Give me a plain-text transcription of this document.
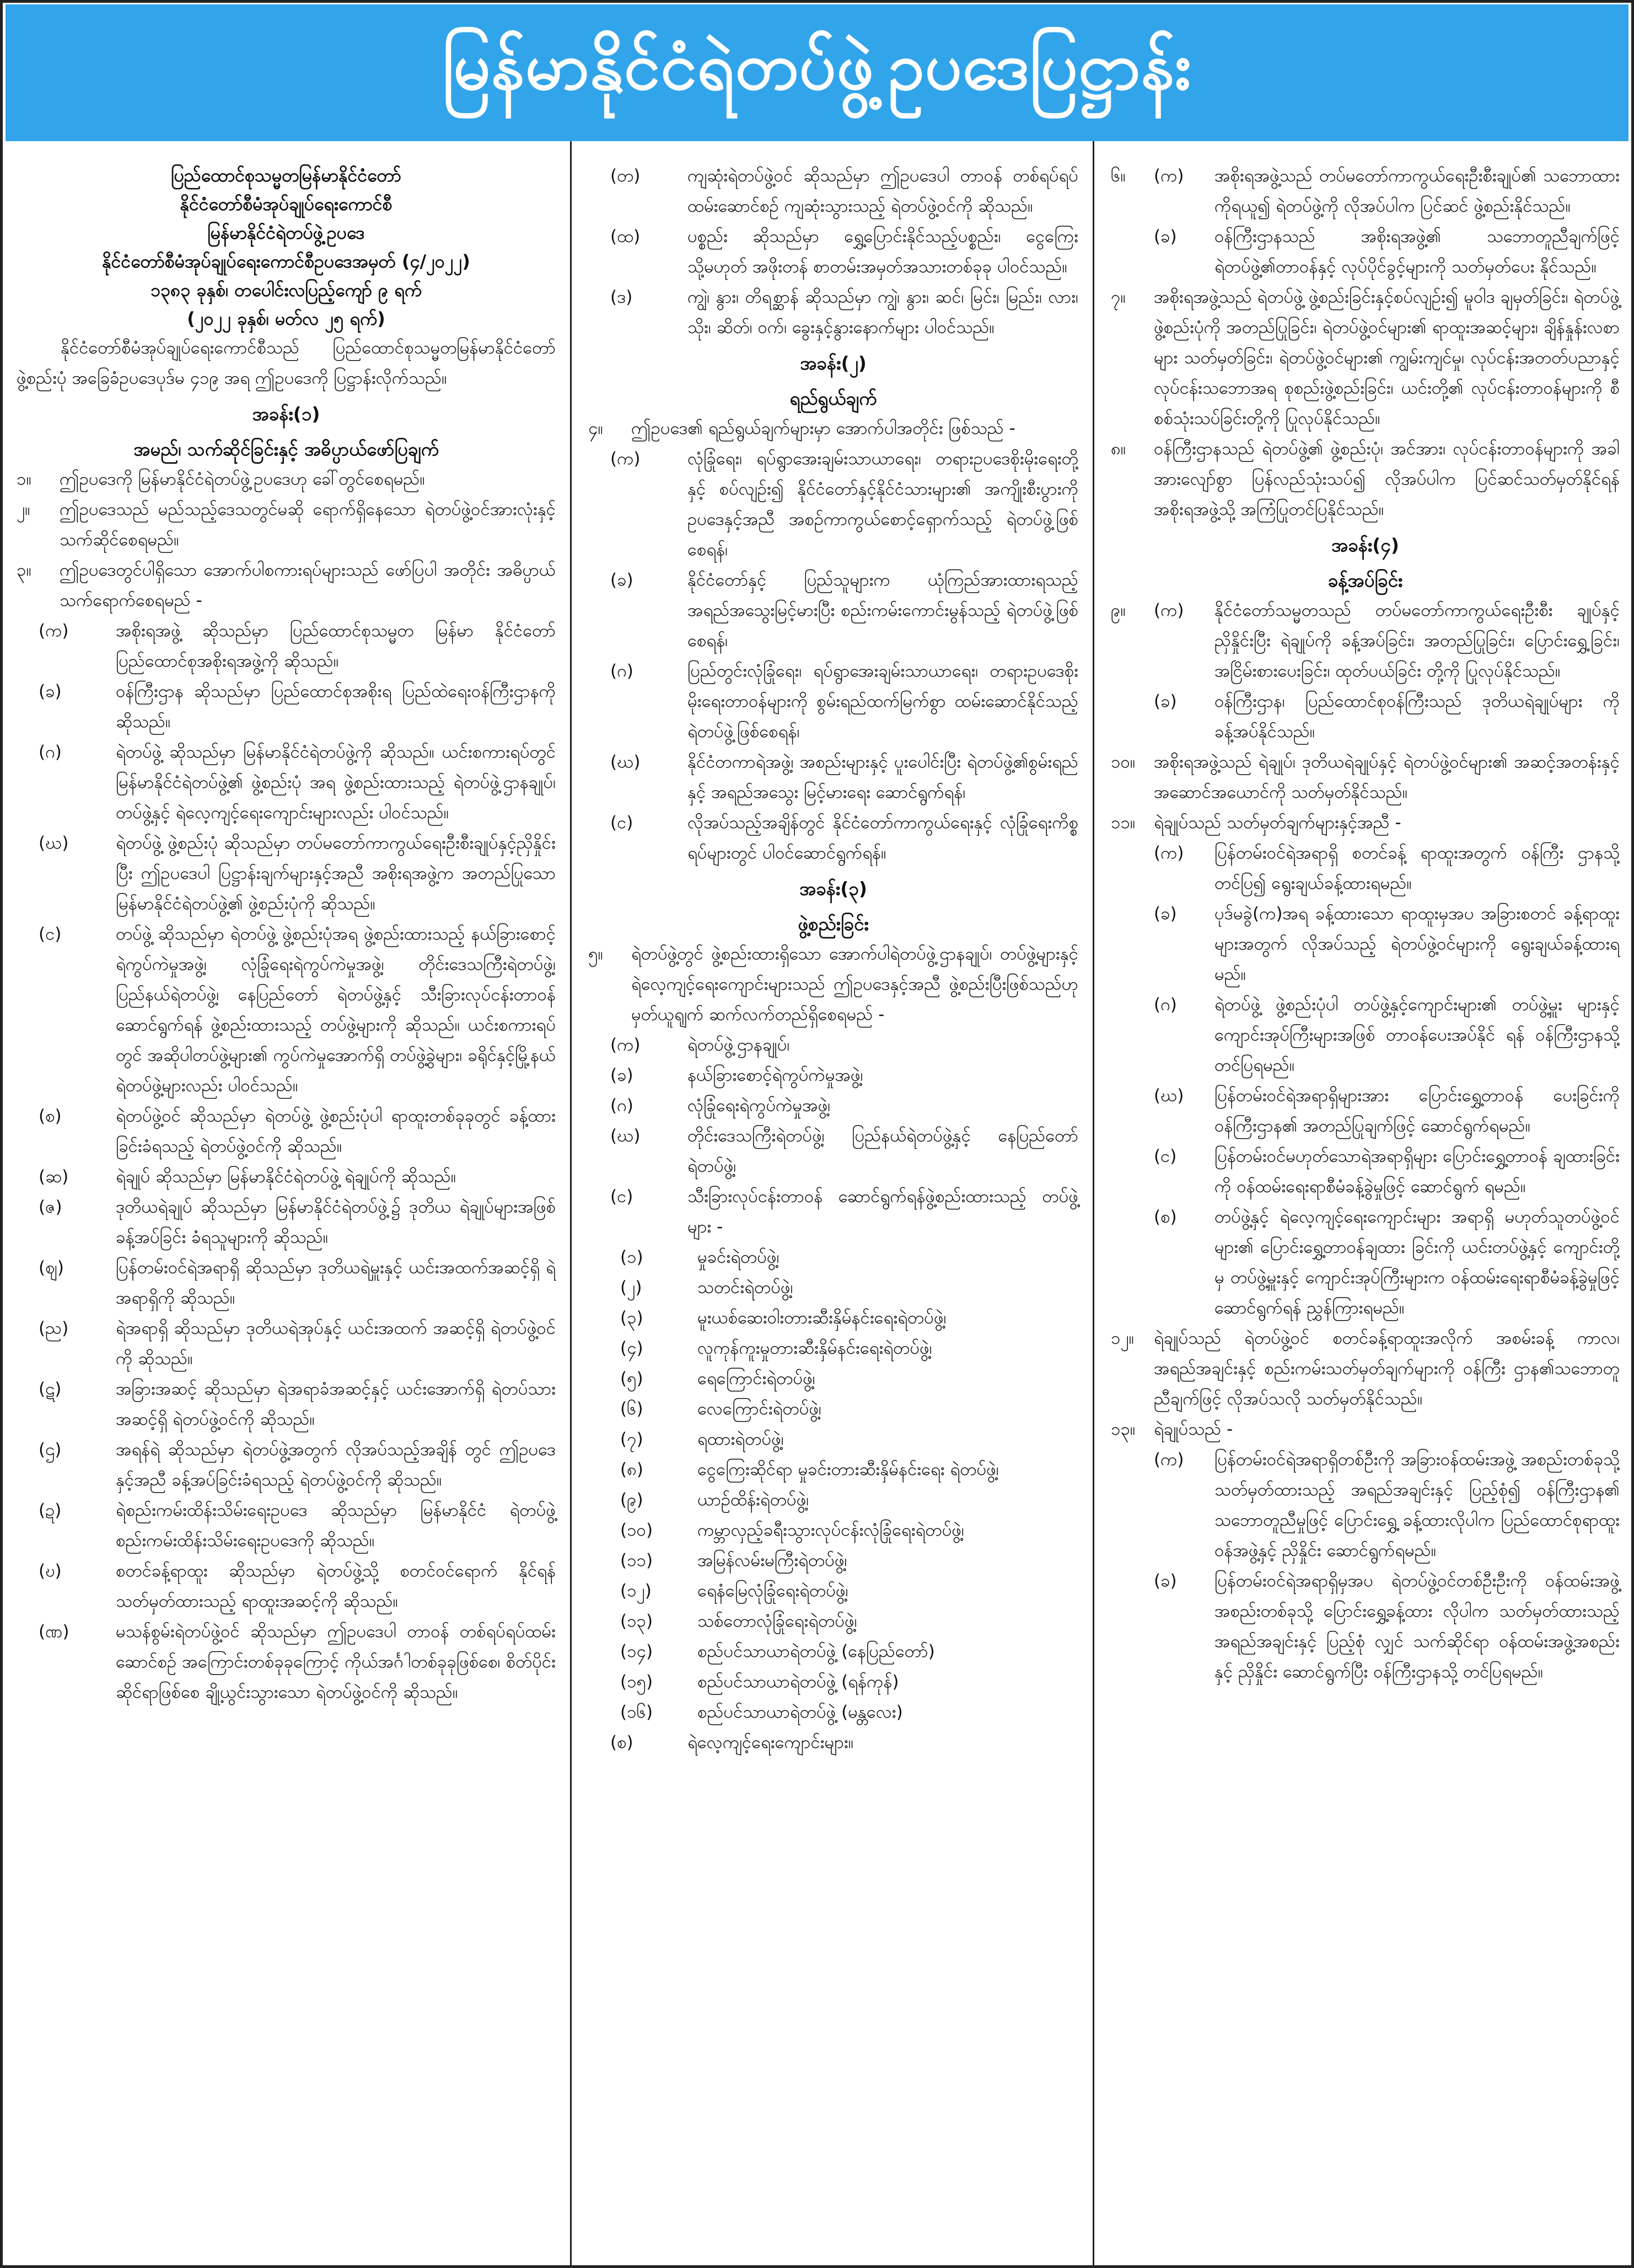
မြန်မာနိုင်ငံရဲတပ်ဖွဲ့ဥပဒေပြဋ္ဌာန်း
ပြည်ထောင်စုသမ္မတမြန်မာနိုင်ငံတော်
နိုင်ငံတော်စီမံအုပ်ချုပ်ရေးကောင်စီ
မြန်မာနိုင်ငံရဲတပ်ဖွဲ့ဥပဒေ
နိုင်ငံတော်စီမံအုပ်ချုပ်ရေးကောင်စီဥပဒေအမှတ် (၄/၂၀၂၂)
၁၃၈၃ ခုနှစ်၊ တပေါင်းလပြည့်ကျော် ၉ ရက်
(၂၀၂၂ ခုနှစ်၊ မတ်လ ၂၅ ရက်)

နိုင်ငံတော်စီမံအုပ်ချုပ်ရေးကောင်စီသည် ပြည်ထောင်စုသမ္မတမြန်မာနိုင်ငံတော် ဖွဲ့စည်းပုံ အခြေခံဥပဒေပုဒ်မ ၄၁၉ အရ ဤဥပဒေကို ပြဋ္ဌာန်းလိုက်သည်။

အခန်း(၁)
အမည်၊ သက်ဆိုင်ခြင်းနှင့် အဓိပ္ပာယ်ဖော်ပြချက်
၁။	ဤဥပဒေကို မြန်မာနိုင်ငံရဲတပ်ဖွဲ့ဥပဒေဟု ခေါ်တွင်စေရမည်။
၂။	ဤဥပဒေသည် မည်သည့်ဒေသတွင်မဆို ရောက်ရှိနေသော ရဲတပ်ဖွဲ့ဝင်အားလုံးနှင့် သက်ဆိုင်စေရမည်။
၃။	ဤဥပဒေတွင်ပါရှိသော အောက်ပါစကားရပ်များသည် ဖော်ပြပါ အတိုင်း အဓိပ္ပာယ်သက်ရောက်စေရမည် -
(က)	အစိုးရအဖွဲ့ ဆိုသည်မှာ ပြည်ထောင်စုသမ္မတ မြန်မာ နိုင်ငံတော် ပြည်ထောင်စုအစိုးရအဖွဲ့ကို ဆိုသည်။
(ခ)	ဝန်ကြီးဌာန ဆိုသည်မှာ ပြည်ထောင်စုအစိုးရ ပြည်ထဲရေးဝန်ကြီးဌာနကို ဆိုသည်။
(ဂ)	ရဲတပ်ဖွဲ့ ဆိုသည်မှာ မြန်မာနိုင်ငံရဲတပ်ဖွဲ့ကို ဆိုသည်။ ယင်းစကားရပ်တွင် မြန်မာနိုင်ငံရဲတပ်ဖွဲ့၏ ဖွဲ့စည်းပုံ အရ ဖွဲ့စည်းထားသည့် ရဲတပ်ဖွဲ့ဌာနချုပ်၊ တပ်ဖွဲ့နှင့် ရဲလေ့ကျင့်ရေးကျောင်းများလည်း ပါဝင်သည်။
(ဃ)	ရဲတပ်ဖွဲ့ ဖွဲ့စည်းပုံ ဆိုသည်မှာ တပ်မတော်ကာကွယ်ရေးဦးစီးချုပ်နှင့်ညှိနှိုင်းပြီး ဤဥပဒေပါ ပြဋ္ဌာန်းချက်များနှင့်အညီ အစိုးရအဖွဲ့က အတည်ပြုသော မြန်မာနိုင်ငံရဲတပ်ဖွဲ့၏ ဖွဲ့စည်းပုံကို ဆိုသည်။
(င)	တပ်ဖွဲ့ ဆိုသည်မှာ ရဲတပ်ဖွဲ့ ဖွဲ့စည်းပုံအရ ဖွဲ့စည်းထားသည့် နယ်ခြားစောင့်ရဲကွပ်ကဲမှုအဖွဲ့၊ လုံခြုံရေးရဲကွပ်ကဲမှုအဖွဲ့၊ တိုင်းဒေသကြီးရဲတပ်ဖွဲ့၊ ပြည်နယ်ရဲတပ်ဖွဲ့၊ နေပြည်တော် ရဲတပ်ဖွဲ့နှင့် သီးခြားလုပ်ငန်းတာဝန် ဆောင်ရွက်ရန် ဖွဲ့စည်းထားသည့် တပ်ဖွဲ့များကို ဆိုသည်။ ယင်းစကားရပ်တွင် အဆိုပါတပ်ဖွဲ့များ၏ ကွပ်ကဲမှုအောက်ရှိ တပ်ဖွဲ့ခွဲများ၊ ခရိုင်နှင့်မြို့နယ် ရဲတပ်ဖွဲ့များလည်း ပါဝင်သည်။
(စ)	ရဲတပ်ဖွဲ့ဝင် ဆိုသည်မှာ ရဲတပ်ဖွဲ့ ဖွဲ့စည်းပုံပါ ရာထူးတစ်ခုခုတွင် ခန့်ထားခြင်းခံရသည့် ရဲတပ်ဖွဲ့ဝင်ကို ဆိုသည်။
(ဆ)	ရဲချုပ် ဆိုသည်မှာ မြန်မာနိုင်ငံရဲတပ်ဖွဲ့ ရဲချုပ်ကို ဆိုသည်။
(ဇ)	ဒုတိယရဲချုပ် ဆိုသည်မှာ မြန်မာနိုင်ငံရဲတပ်ဖွဲ့၌ ဒုတိယ ရဲချုပ်များအဖြစ် ခန့်အပ်ခြင်း ခံရသူများကို ဆိုသည်။
(ဈ)	ပြန်တမ်းဝင်ရဲအရာရှိ ဆိုသည်မှာ ဒုတိယရဲမှူးနှင့် ယင်းအထက်အဆင့်ရှိ ရဲအရာရှိကို ဆိုသည်။
(ည)	ရဲအရာရှိ ဆိုသည်မှာ ဒုတိယရဲအုပ်နှင့် ယင်းအထက် အဆင့်ရှိ ရဲတပ်ဖွဲ့ဝင်ကို ဆိုသည်။
(ဋ)	အခြားအဆင့် ဆိုသည်မှာ ရဲအရာခံအဆင့်နှင့် ယင်းအောက်ရှိ ရဲတပ်သားအဆင့်ရှိ ရဲတပ်ဖွဲ့ဝင်ကို ဆိုသည်။
(ဌ)	အရန်ရဲ ဆိုသည်မှာ ရဲတပ်ဖွဲ့အတွက် လိုအပ်သည့်အချိန် တွင် ဤဥပဒေနှင့်အညီ ခန့်အပ်ခြင်းခံရသည့် ရဲတပ်ဖွဲ့ဝင်ကို ဆိုသည်။
(ဍ)	ရဲစည်းကမ်းထိန်းသိမ်းရေးဥပဒေ ဆိုသည်မှာ မြန်မာနိုင်ငံ ရဲတပ်ဖွဲ့စည်းကမ်းထိန်းသိမ်းရေးဥပဒေကို ဆိုသည်။
(ဎ)	စတင်ခန့်ရာထူး ဆိုသည်မှာ ရဲတပ်ဖွဲ့သို့ စတင်ဝင်ရောက် နိုင်ရန် သတ်မှတ်ထားသည့် ရာထူးအဆင့်ကို ဆိုသည်။
(ဏ)	မသန်စွမ်းရဲတပ်ဖွဲ့ဝင် ဆိုသည်မှာ ဤဥပဒေပါ တာဝန် တစ်ရပ်ရပ်ထမ်းဆောင်စဉ် အကြောင်းတစ်ခုခုကြောင့် ကိုယ်အင်္ဂါတစ်ခုခုဖြစ်စေ၊ စိတ်ပိုင်းဆိုင်ရာဖြစ်စေ ချို့ယွင်းသွားသော ရဲတပ်ဖွဲ့ဝင်ကို ဆိုသည်။
(တ)	ကျဆုံးရဲတပ်ဖွဲ့ဝင် ဆိုသည်မှာ ဤဥပဒေပါ တာဝန် တစ်ရပ်ရပ်ထမ်းဆောင်စဉ် ကျဆုံးသွားသည့် ရဲတပ်ဖွဲ့ဝင်ကို ဆိုသည်။
(ထ)	ပစ္စည်း ဆိုသည်မှာ ရွှေ့ပြောင်းနိုင်သည့်ပစ္စည်း၊ ငွေကြေး သို့မဟုတ် အဖိုးတန် စာတမ်းအမှတ်အသားတစ်ခုခု ပါဝင်သည်။
(ဒ)	ကျွဲ၊ နွား၊ တိရစ္ဆာန် ဆိုသည်မှာ ကျွဲ၊ နွား၊ ဆင်၊ မြင်း၊ မြည်း၊ လား၊ သိုး၊ ဆိတ်၊ ဝက်၊ ခွေးနှင့်နွားနောက်များ ပါဝင်သည်။
အခန်း(၂)
ရည်ရွယ်ချက်
၄။	ဤဥပဒေ၏ ရည်ရွယ်ချက်များမှာ အောက်ပါအတိုင်း ဖြစ်သည် -
(က)	လုံခြုံရေး၊ ရပ်ရွာအေးချမ်းသာယာရေး၊ တရားဥပဒေစိုးမိုးရေးတို့နှင့် စပ်လျဉ်း၍ နိုင်ငံတော်နှင့်နိုင်ငံသားများ၏ အကျိုးစီးပွားကို ဥပဒေနှင့်အညီ အစဉ်ကာကွယ်စောင့်ရှောက်သည့် ရဲတပ်ဖွဲ့ဖြစ်စေရန်၊
(ခ)	နိုင်ငံတော်နှင့် ပြည်သူများက ယုံကြည်အားထားရသည့် အရည်အသွေးမြင့်မားပြီး စည်းကမ်းကောင်းမွန်သည့် ရဲတပ်ဖွဲ့ဖြစ်စေရန်၊
(ဂ)	ပြည်တွင်းလုံခြုံရေး၊ ရပ်ရွာအေးချမ်းသာယာရေး၊ တရားဥပဒေစိုးမိုးရေးတာဝန်များကို စွမ်းရည်ထက်မြက်စွာ ထမ်းဆောင်နိုင်သည့် ရဲတပ်ဖွဲ့ဖြစ်စေရန်၊
(ဃ)	နိုင်ငံတကာရဲအဖွဲ့၊ အစည်းများနှင့် ပူးပေါင်းပြီး ရဲတပ်ဖွဲ့၏စွမ်းရည်နှင့် အရည်အသွေး မြင့်မားရေး ဆောင်ရွက်ရန်၊
(င)	လိုအပ်သည့်အချိန်တွင် နိုင်ငံတော်ကာကွယ်ရေးနှင့် လုံခြုံရေးကိစ္စရပ်များတွင် ပါဝင်ဆောင်ရွက်ရန်။
အခန်း(၃)
ဖွဲ့စည်းခြင်း
၅။	ရဲတပ်ဖွဲ့တွင် ဖွဲ့စည်းထားရှိသော အောက်ပါရဲတပ်ဖွဲ့ဌာနချုပ်၊ တပ်ဖွဲ့များနှင့် ရဲလေ့ကျင့်ရေးကျောင်းများသည် ဤဥပဒေနှင့်အညီ ဖွဲ့စည်းပြီးဖြစ်သည်ဟု မှတ်ယူရျက် ဆက်လက်တည်ရှိစေရမည် -
(က)	ရဲတပ်ဖွဲ့ဌာနချုပ်၊
(ခ)	နယ်ခြားစောင့်ရဲကွပ်ကဲမှုအဖွဲ့၊
(ဂ)	လုံခြုံရေးရဲကွပ်ကဲမှုအဖွဲ့၊
(ဃ)	တိုင်းဒေသကြီးရဲတပ်ဖွဲ့၊ ပြည်နယ်ရဲတပ်ဖွဲ့နှင့် နေပြည်တော်ရဲတပ်ဖွဲ့၊
(င)	သီးခြားလုပ်ငန်းတာဝန် ဆောင်ရွက်ရန်ဖွဲ့စည်းထားသည့် တပ်ဖွဲ့များ -
(၁)	မှုခင်းရဲတပ်ဖွဲ့၊
(၂)	သတင်းရဲတပ်ဖွဲ့၊
(၃)	မူးယစ်ဆေးဝါးတားဆီးနှိမ်နင်းရေးရဲတပ်ဖွဲ့၊
(၄)	လူကုန်ကူးမှုတားဆီးနှိမ်နင်းရေးရဲတပ်ဖွဲ့၊
(၅)	ရေကြောင်းရဲတပ်ဖွဲ့၊
(၆)	လေကြောင်းရဲတပ်ဖွဲ့၊
(၇)	ရထားရဲတပ်ဖွဲ့၊
(၈)	ငွေကြေးဆိုင်ရာ မှုခင်းတားဆီးနှိမ်နင်းရေး ရဲတပ်ဖွဲ့၊
(၉)	ယာဉ်ထိန်းရဲတပ်ဖွဲ့၊
(၁၀)	ကမ္ဘာလှည့်ခရီးသွားလုပ်ငန်းလုံခြုံရေးရဲတပ်ဖွဲ့၊
(၁၁)	အမြန်လမ်းမကြီးရဲတပ်ဖွဲ့၊
(၁၂)	ရေနံမြေလုံခြုံရေးရဲတပ်ဖွဲ့၊
(၁၃)	သစ်တောလုံခြုံရေးရဲတပ်ဖွဲ့၊
(၁၄)	စည်ပင်သာယာရဲတပ်ဖွဲ့ (နေပြည်တော်)
(၁၅)	စည်ပင်သာယာရဲတပ်ဖွဲ့ (ရန်ကုန်)
(၁၆)	စည်ပင်သာယာရဲတပ်ဖွဲ့ (မန္တလေး)
(စ)	ရဲလေ့ကျင့်ရေးကျောင်းများ။
၆။	(က)	အစိုးရအဖွဲ့သည် တပ်မတော်ကာကွယ်ရေးဦးစီးချုပ်၏ သဘောထားကိုရယူ၍ ရဲတပ်ဖွဲ့ကို လိုအပ်ပါက ပြင်ဆင် ဖွဲ့စည်းနိုင်သည်။
(ခ)	ဝန်ကြီးဌာနသည် အစိုးရအဖွဲ့၏ သဘောတူညီချက်ဖြင့် ရဲတပ်ဖွဲ့၏တာဝန်နှင့် လုပ်ပိုင်ခွင့်များကို သတ်မှတ်ပေး နိုင်သည်။
၇။	အစိုးရအဖွဲ့သည် ရဲတပ်ဖွဲ့ ဖွဲ့စည်းခြင်းနှင့်စပ်လျဉ်း၍ မူဝါဒ ချမှတ်ခြင်း၊ ရဲတပ်ဖွဲ့ ဖွဲ့စည်းပုံကို အတည်ပြုခြင်း၊ ရဲတပ်ဖွဲ့ဝင်များ၏ ရာထူးအဆင့်များ၊ ချိန်နှုန်းလစာများ သတ်မှတ်ခြင်း၊ ရဲတပ်ဖွဲ့ဝင်များ၏ ကျွမ်းကျင်မှု၊ လုပ်ငန်းအတတ်ပညာနှင့် လုပ်ငန်းသဘောအရ စုစည်းဖွဲ့စည်းခြင်း၊ ယင်းတို့၏ လုပ်ငန်းတာဝန်များကို စီစစ်သုံးသပ်ခြင်းတို့ကို ပြုလုပ်နိုင်သည်။
၈။	ဝန်ကြီးဌာနသည် ရဲတပ်ဖွဲ့၏ ဖွဲ့စည်းပုံ၊ အင်အား၊ လုပ်ငန်းတာဝန်များကို အခါအားလျော်စွာ ပြန်လည်သုံးသပ်၍ လိုအပ်ပါက ပြင်ဆင်သတ်မှတ်နိုင်ရန် အစိုးရအဖွဲ့သို့ အကြံပြုတင်ပြနိုင်သည်။
အခန်း(၄)
ခန့်အပ်ခြင်း
၉။	(က)	နိုင်ငံတော်သမ္မတသည် တပ်မတော်ကာကွယ်ရေးဦးစီး ချုပ်နှင့်ညှိနှိုင်းပြီး ရဲချုပ်ကို ခန့်အပ်ခြင်း၊ အတည်ပြုခြင်း၊ ပြောင်းရွှေ့ခြင်း၊ အငြိမ်းစားပေးခြင်း၊ ထုတ်ပယ်ခြင်း တို့ကို ပြုလုပ်နိုင်သည်။
(ခ)	ဝန်ကြီးဌာန၊ ပြည်ထောင်စုဝန်ကြီးသည် ဒုတိယရဲချုပ်များ ကို ခန့်အပ်နိုင်သည်။
၁၀။	အစိုးရအဖွဲ့သည် ရဲချုပ်၊ ဒုတိယရဲချုပ်နှင့် ရဲတပ်ဖွဲ့ဝင်များ၏ အဆင့်အတန်းနှင့် အဆောင်အယောင်ကို သတ်မှတ်နိုင်သည်။
၁၁။	ရဲချုပ်သည် သတ်မှတ်ချက်များနှင့်အညီ -
(က)	ပြန်တမ်းဝင်ရဲအရာရှိ စတင်ခန့် ရာထူးအတွက် ဝန်ကြီး ဌာနသို့ တင်ပြ၍ ရွေးချယ်ခန့်ထားရမည်။
(ခ)	ပုဒ်မခွဲ(က)အရ ခန့်ထားသော ရာထူးမှအပ အခြားစတင် ခန့်ရာထူးများအတွက် လိုအပ်သည့် ရဲတပ်ဖွဲ့ဝင်များကို ရွေးချယ်ခန့်ထားရမည်။
(ဂ)	ရဲတပ်ဖွဲ့ ဖွဲ့စည်းပုံပါ တပ်ဖွဲ့နှင့်ကျောင်းများ၏ တပ်ဖွဲ့မှူး များနှင့်ကျောင်းအုပ်ကြီးများအဖြစ် တာဝန်ပေးအပ်နိုင် ရန် ဝန်ကြီးဌာနသို့ တင်ပြရမည်။
(ဃ)	ပြန်တမ်းဝင်ရဲအရာရှိများအား ပြောင်းရွှေ့တာဝန် ပေးခြင်းကို ဝန်ကြီးဌာန၏ အတည်ပြုချက်ဖြင့် ဆောင်ရွက်ရမည်။
(င)	ပြန်တမ်းဝင်မဟုတ်သောရဲအရာရှိများ ပြောင်းရွှေ့တာဝန် ချထားခြင်းကို ဝန်ထမ်းရေးရာစီမံခန့်ခွဲမှုဖြင့် ဆောင်ရွက် ရမည်။
(စ)	တပ်ဖွဲ့နှင့် ရဲလေ့ကျင့်ရေးကျောင်းများ အရာရှိ မဟုတ်သူတပ်ဖွဲ့ဝင်များ၏ ပြောင်းရွှေ့တာဝန်ချထား ခြင်းကို ယင်းတပ်ဖွဲ့နှင့် ကျောင်းတို့မှ တပ်ဖွဲ့မှူးနှင့် ကျောင်းအုပ်ကြီးများက ဝန်ထမ်းရေးရာစီမံခန့်ခွဲမှုဖြင့် ဆောင်ရွက်ရန် ညွှန်ကြားရမည်။
၁၂။	ရဲချုပ်သည် ရဲတပ်ဖွဲ့ဝင် စတင်ခန့်ရာထူးအလိုက် အစမ်းခန့် ကာလ၊ အရည်အချင်းနှင့် စည်းကမ်းသတ်မှတ်ချက်များကို ဝန်ကြီး ဌာန၏သဘောတူညီချက်ဖြင့် လိုအပ်သလို သတ်မှတ်နိုင်သည်။
၁၃။	ရဲချုပ်သည် -
(က)	ပြန်တမ်းဝင်ရဲအရာရှိတစ်ဦးကို အခြားဝန်ထမ်းအဖွဲ့ အစည်းတစ်ခုသို့ သတ်မှတ်ထားသည့် အရည်အချင်းနှင့် ပြည့်စုံ၍ ဝန်ကြီးဌာန၏ သဘောတူညီမှုဖြင့် ပြောင်းရွှေ့ ခန့်ထားလိုပါက ပြည်ထောင်စုရာထူးဝန်အဖွဲ့နှင့် ညှိနှိုင်း ဆောင်ရွက်ရမည်။
(ခ)	ပြန်တမ်းဝင်ရဲအရာရှိမှအပ ရဲတပ်ဖွဲ့ဝင်တစ်ဦးဦးကို ဝန်ထမ်းအဖွဲ့အစည်းတစ်ခုသို့ ပြောင်းရွှေ့ခန့်ထား လိုပါက သတ်မှတ်ထားသည့် အရည်အချင်းနှင့် ပြည့်စုံ လျှင် သက်ဆိုင်ရာ ဝန်ထမ်းအဖွဲ့အစည်းနှင့် ညှိနှိုင်း ဆောင်ရွက်ပြီး ဝန်ကြီးဌာနသို့ တင်ပြရမည်။
